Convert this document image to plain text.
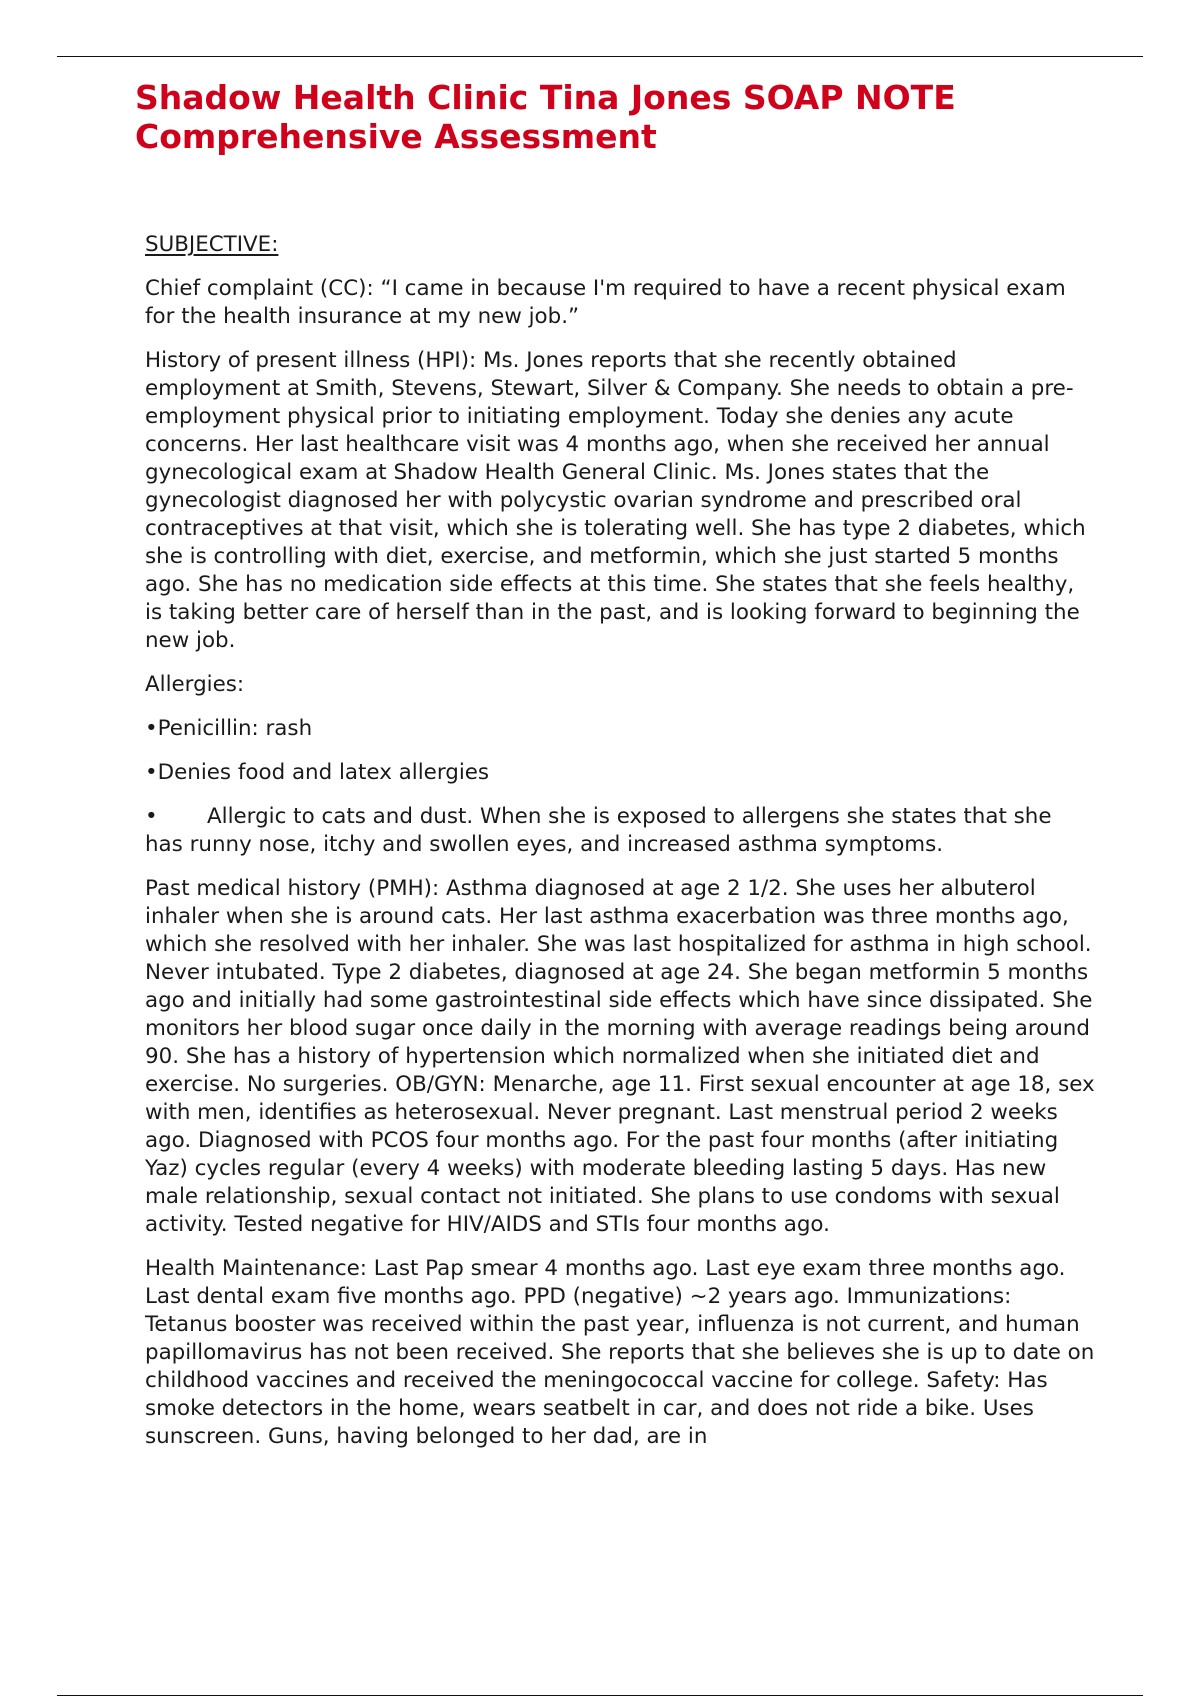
Shadow Health Clinic Tina Jones SOAP NOTE Comprehensive Assessment

SUBJECTIVE:

Chief complaint (CC): “I came in because I'm required to have a recent physical exam for the health insurance at my new job.”

History of present illness (HPI): Ms. Jones reports that she recently obtained employment at Smith, Stevens, Stewart, Silver & Company. She needs to obtain a pre-employment physical prior to initiating employment. Today she denies any acute concerns. Her last healthcare visit was 4 months ago, when she received her annual gynecological exam at Shadow Health General Clinic. Ms. Jones states that the gynecologist diagnosed her with polycystic ovarian syndrome and prescribed oral contraceptives at that visit, which she is tolerating well. She has type 2 diabetes, which she is controlling with diet, exercise, and metformin, which she just started 5 months ago. She has no medication side effects at this time. She states that she feels healthy, is taking better care of herself than in the past, and is looking forward to beginning the new job.

Allergies:

•Penicillin: rash

•Denies food and latex allergies

• Allergic to cats and dust. When she is exposed to allergens she states that she has runny nose, itchy and swollen eyes, and increased asthma symptoms.

Past medical history (PMH): Asthma diagnosed at age 2 1/2. She uses her albuterol inhaler when she is around cats. Her last asthma exacerbation was three months ago, which she resolved with her inhaler. She was last hospitalized for asthma in high school. Never intubated. Type 2 diabetes, diagnosed at age 24. She began metformin 5 months ago and initially had some gastrointestinal side effects which have since dissipated. She monitors her blood sugar once daily in the morning with average readings being around 90. She has a history of hypertension which normalized when she initiated diet and exercise. No surgeries. OB/GYN: Menarche, age 11. First sexual encounter at age 18, sex with men, identifies as heterosexual. Never pregnant. Last menstrual period 2 weeks ago. Diagnosed with PCOS four months ago. For the past four months (after initiating Yaz) cycles regular (every 4 weeks) with moderate bleeding lasting 5 days. Has new male relationship, sexual contact not initiated. She plans to use condoms with sexual activity. Tested negative for HIV/AIDS and STIs four months ago.

Health Maintenance: Last Pap smear 4 months ago. Last eye exam three months ago. Last dental exam five months ago. PPD (negative) ~2 years ago. Immunizations: Tetanus booster was received within the past year, influenza is not current, and human papillomavirus has not been received. She reports that she believes she is up to date on childhood vaccines and received the meningococcal vaccine for college. Safety: Has smoke detectors in the home, wears seatbelt in car, and does not ride a bike. Uses sunscreen. Guns, having belonged to her dad, are in
